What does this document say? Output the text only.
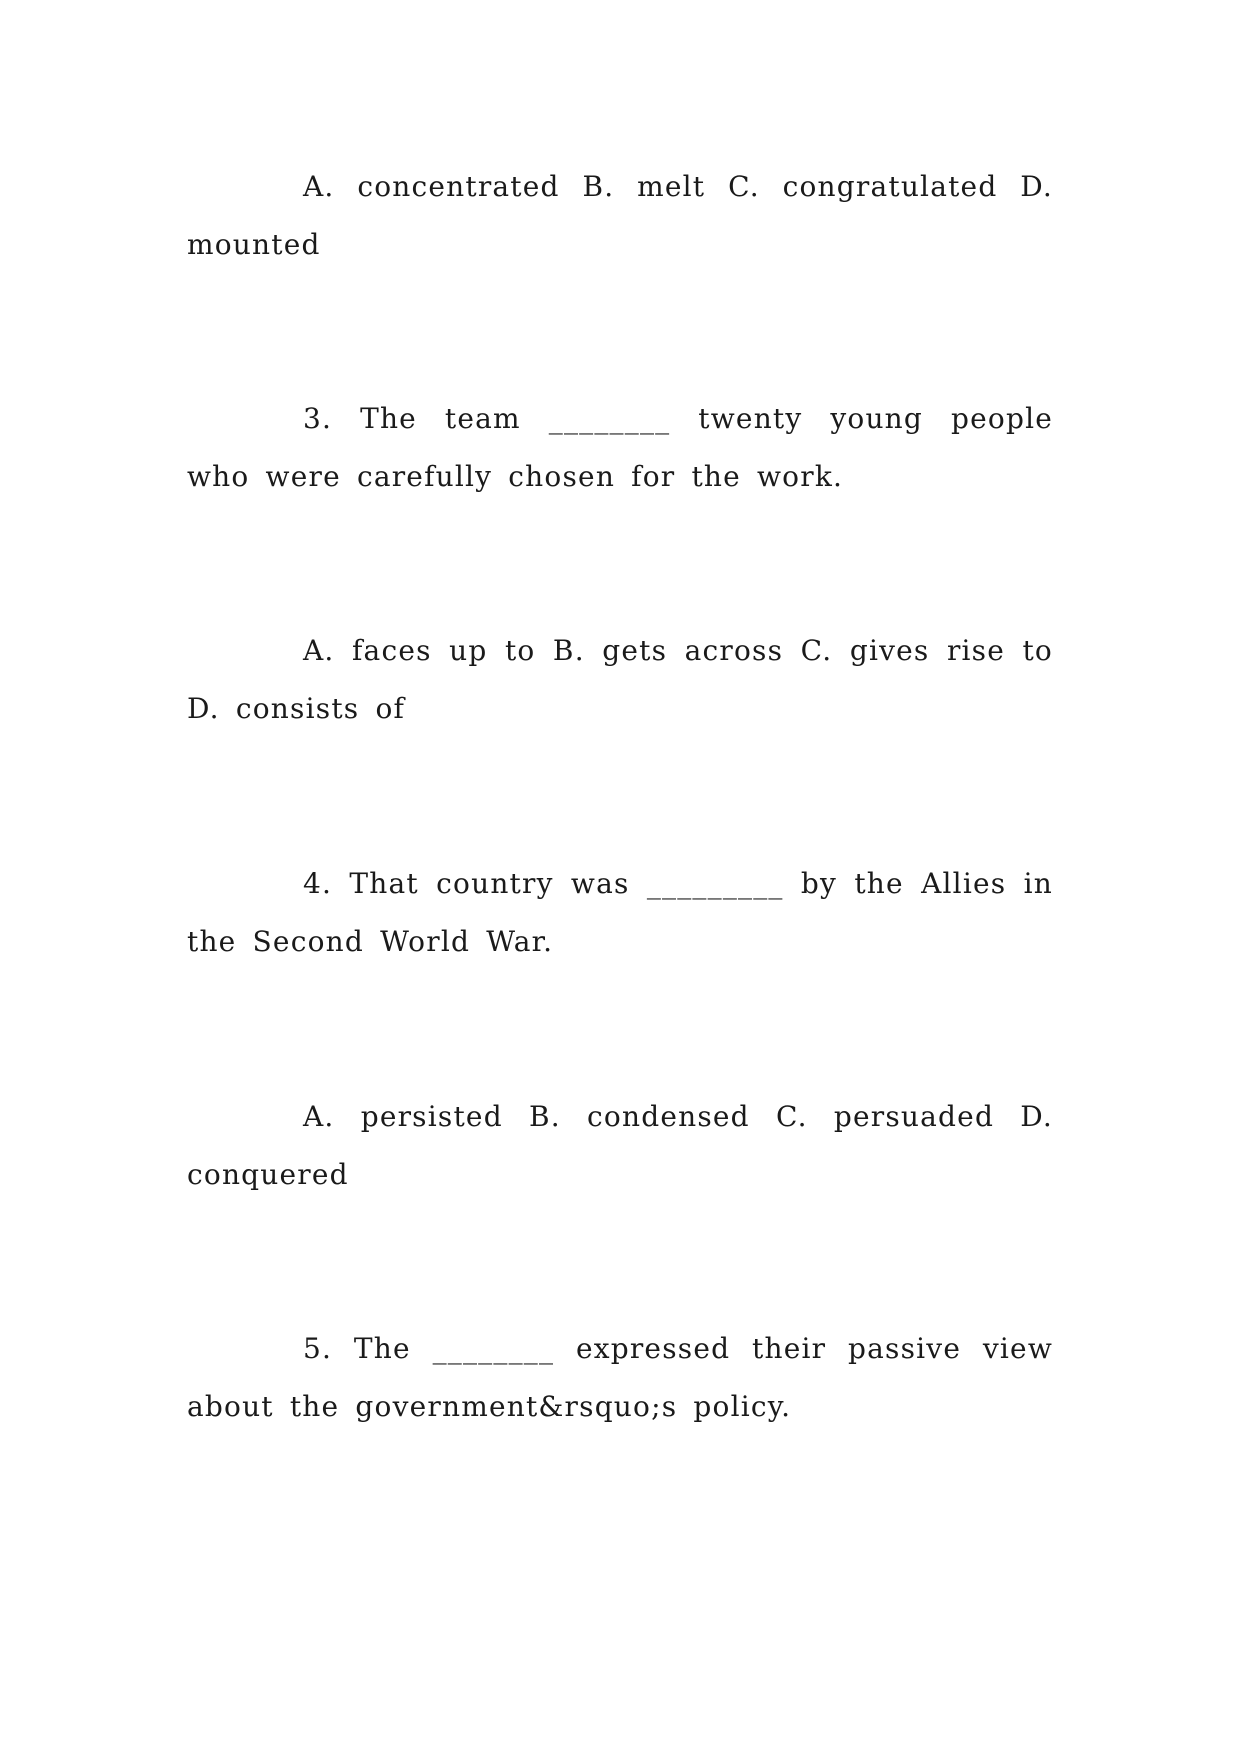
A. concentrated B. melt C. congratulated D. mounted

3. The team ________ twenty young people who were carefully chosen for the work.

A. faces up to B. gets across C. gives rise to D. consists of

4. That country was _________ by the Allies in the Second World War.

A. persisted B. condensed C. persuaded D. conquered

5. The ________ expressed their passive view about the government&rsquo;s policy.
